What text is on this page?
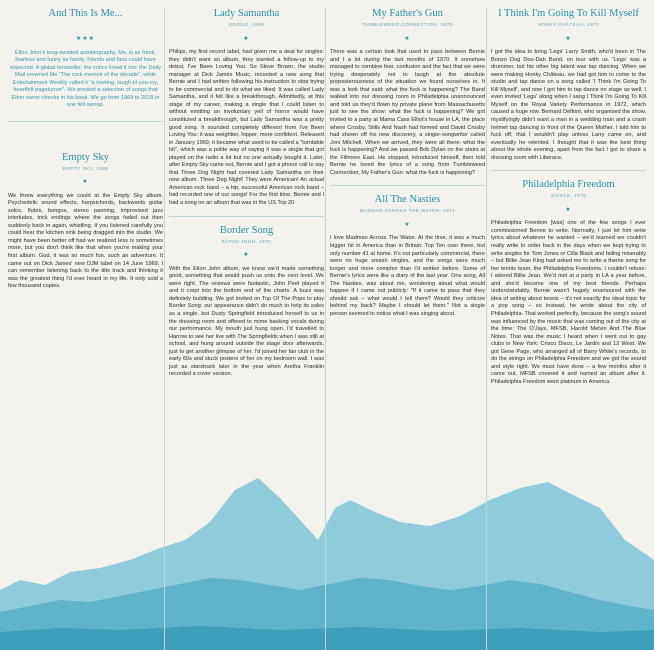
And This Is Me...
★★★

Elton John's long-awaited autobiography, Me, is as frank, fearless and funny as family, friends and fans could have expected. A global bestseller, the critics loved it too: the Daily Mail crowned Me "The rock memoir of the decade", while Entertainment Weekly called it "a riveting, laugh-til-you-cry, heartfelt pageturner". We present a selection of songs that Elton name-checks in his book. We go from 1969 to 2019 in one fell swoop.

Empty Sky
EMPTY SKY, 1969
★

We threw everything we could at the Empty Sky album. Psychedelic sound effects, harpsichords, backwards guitar solos, flutes, bongos, stereo panning, improvised jazz interludes, trick endings where the songs faded out then suddenly back in again, whistling. If you listened carefully you could hear the kitchen sink being dragged into the studio. We might have been better off had we realized less is sometimes more, but you don't think like that when you're making your first album. God, it was so much fun, such an adventure. It came out on Dick James' new DJM label on 14 June 1969. I can remember listening back to the title track and thinking it was the greatest thing I'd ever heard in my life. It only sold a few thousand copies.

Lady Samantha
SINGLE, 1969
★

Philips, my first record label, had given me a deal for singles: they didn't want an album, they wanted a follow-up to my debut, I've Been Loving You. So Steve Brown, the studio manager at Dick James Music, recorded a new song that Bernie and I had written following his instruction to stop trying to be commercial and to do what we liked. It was called Lady Samantha, and it felt like a breakthrough. Admittedly, at this stage of my career, making a single that I could listen to without emitting an involuntary yell of horror would have constituted a breakthrough, but Lady Samantha was a pretty good song. It sounded completely different from I've Been Loving You: it was weightier, hipper, more confident. Released in January 1969, it became what used to be called a "turntable hit", which was a polite way of saying it was a single that got played on the radio a lot but no one actually bought it. Later, after Empty Sky came out, Bernie and I got a phone call to say that Three Dog Night had covered Lady Samantha on their new album. Three Dog Night! They were American! An actual American rock band – a hip, successful American rock band – had recorded one of our songs! For the first time, Bernie and I had a song on an album that was in the US Top 20

Border Song
ELTON JOHN, 1970
★

With the Elton John album, we knew we'd made something good, something that would push us onto the next level. We were right. The reviews were fantastic, John Peel played it and it crept into the bottom end of the charts. A buzz was definitely building. We got invited on Top Of The Pops to play Border Song: our appearance didn't do much to help its sales as a single, but Dusty Springfield introduced herself to us in the dressing room and offered to mime backing vocals during our performance. My mouth just hung open. I'd travelled to Harrow to see her live with The Springfields when I was still at school, and hung around outside the stage door afterwards, just to get another glimpse of her. I'd joined her fan club in the early 60s and stuck posters of her on my bedroom wall. I was just as starstruck later in the year when Aretha Franklin recorded a cover version.

My Father's Gun
TUMBLEWEED CONNECTION, 1970
★

There was a certain look that used to pass between Bernie and I a lot during the last months of 1970. It somehow managed to combine fear, confusion and the fact that we were trying desperately not to laugh at the absolute preposterousness of the situation we found ourselves in. It was a look that said: what the fuck is happening? The Band walked into our dressing room in Philadelphia unannounced and told us they'd flown by private plane from Massachusetts just to see the show: what the fuck is happening? We got invited to a party at Mama Cass Elliot's house in LA, the place where Crosby, Stills And Nash had formed and David Crosby had shown off his new discovery, a singer-songwriter called Joni Mitchell. When we arrived, they were all there: what the fuck is happening? And we passed Bob Dylan on the stairs at the Fillmore East. He stopped, introduced himself, then told Bernie he loved the lyrics of a song from Tumbleweed Connection, My Father's Gun: what the fuck is happening?

All The Nasties
MADMAN ACROSS THE WATER, 1971
★

I love Madman Across The Water. At the time, it was a much bigger hit in America than in Britain: Top Ten over there, but only number 41 at home. It's not particularly commercial, there were no huge smash singles, and the songs were much longer and more complex than I'd written before. Some of Bernie's lyrics were like a diary of the last year. One song, All The Nasties, was about me, wondering aloud what would happen if I came out publicly: "If it came to pass that they should ask – what would I tell them? Would they criticize behind my back? Maybe I should let them." Not a single person seemed to notice what I was singing about.

I Think I'm Going To Kill Myself
HONKY CHÂTEAU, 1972
★

I got the idea to bring 'Legs' Larry Smith, who'd been in The Bonzo Dog Doo-Dah Band, on tour with us. 'Legs' was a drummer, but his other big talent was tap dancing. When we were making Honky Château, we had got him to come to the studio and tap dance on a song called 'I Think I'm Going To Kill Myself', and now I got him to tap dance on stage as well. I even invited 'Legs' along when I sang I Think I'm Going To Kill Myself on the Royal Variety Performance in 1972, which caused a huge row. Bernard Delfont, who organised the show, mystifyingly didn't want a man in a wedding train and a crash helmet tap dancing in front of the Queen Mother. I told him to fuck off, that I wouldn't play unless Larry came on, and eventually he relented. I thought that it was the best thing about the whole evening, apart from the fact I got to share a dressing room with Liberace.

Philadelphia Freedom
SINGLE, 1975
★

Philadelphia Freedom [was] one of the few songs I ever commissioned Bernie to write. Normally, I just let him write lyrics about whatever he wanted – we'd learned we couldn't really write to order back in the days when we kept trying to write singles for Tom Jones or Cilla Black and failing miserably – but Billie Jean King had asked me to write a theme song for her tennis team, the Philadelphia Freedoms. I couldn't refuse: I adored Billie Jean. We'd met at a party in LA a year before, and she'd become one of my best friends. Perhaps understandably, Bernie wasn't hugely enamoured with the idea of writing about tennis – it's not exactly the ideal topic for a pop song – so instead, he wrote about the city of Philadelphia. That worked perfectly, because the song's sound was influenced by the music that was coming out of the city at the time: The O'Jays, MFSB, Harold Melvin And The Blue Notes. That was the music I heard when I went out to gay clubs in New York: Crisco Disco, Le Jardin and 12 West. We got Gene Page, who arranged all of Barry White's records, to do the strings on Philadelphia Freedom and we got the sound and style right. We must have done – a few months after it came out, MFSB covered it and named an album after it. Philadelphia Freedom went platinum in America.
